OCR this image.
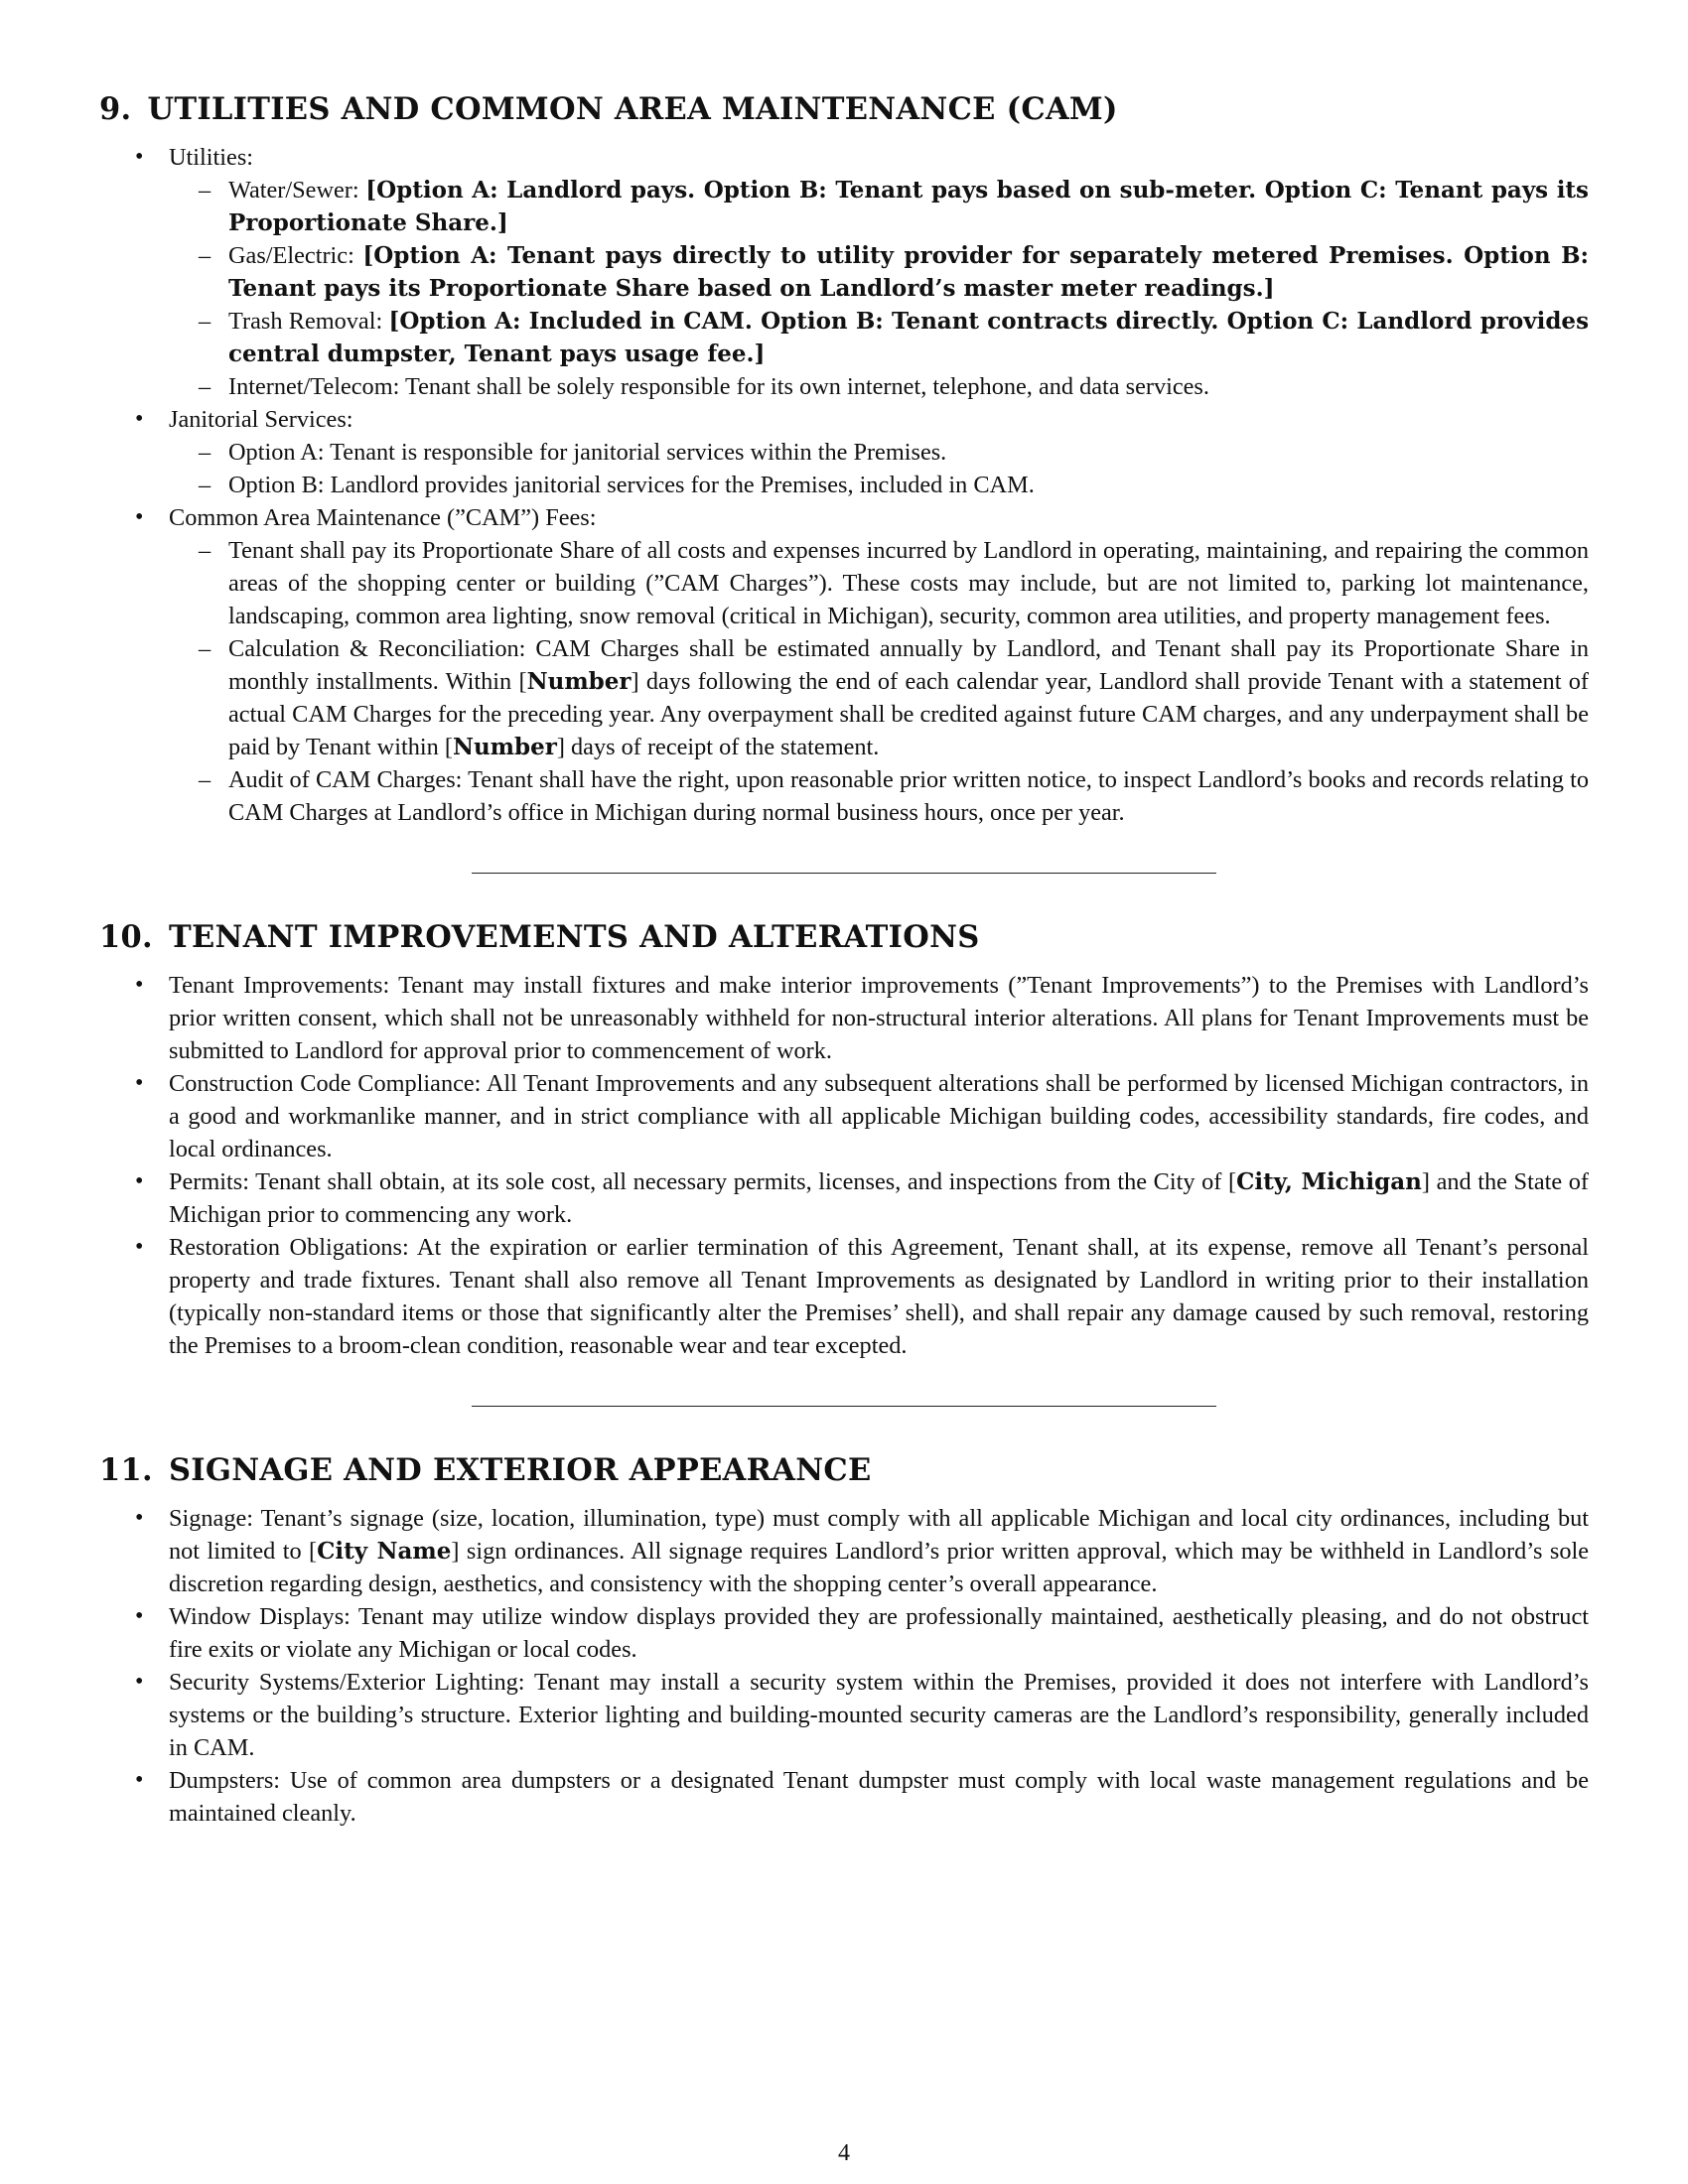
9. UTILITIES AND COMMON AREA MAINTENANCE (CAM)
• Utilities:
– Water/Sewer: [Option A: Landlord pays. Option B: Tenant pays based on sub-meter. Option C: Tenant pays its Proportionate Share.]
– Gas/Electric: [Option A: Tenant pays directly to utility provider for separately metered Premises. Option B: Tenant pays its Proportionate Share based on Landlord’s master meter readings.]
– Trash Removal: [Option A: Included in CAM. Option B: Tenant contracts directly. Option C: Landlord provides central dumpster, Tenant pays usage fee.]
– Internet/Telecom: Tenant shall be solely responsible for its own internet, telephone, and data services.
• Janitorial Services:
– Option A: Tenant is responsible for janitorial services within the Premises.
– Option B: Landlord provides janitorial services for the Premises, included in CAM.
• Common Area Maintenance (”CAM”) Fees:
– Tenant shall pay its Proportionate Share of all costs and expenses incurred by Landlord in operating, maintaining, and repairing the common areas of the shopping center or building (”CAM Charges”). These costs may include, but are not limited to, parking lot maintenance, landscaping, common area lighting, snow removal (critical in Michigan), security, common area utilities, and property management fees.
– Calculation & Reconciliation: CAM Charges shall be estimated annually by Landlord, and Tenant shall pay its Proportionate Share in monthly installments. Within [Number] days following the end of each calendar year, Landlord shall provide Tenant with a statement of actual CAM Charges for the preceding year. Any overpayment shall be credited against future CAM charges, and any underpayment shall be paid by Tenant within [Number] days of receipt of the statement.
– Audit of CAM Charges: Tenant shall have the right, upon reasonable prior written notice, to inspect Landlord’s books and records relating to CAM Charges at Landlord’s office in Michigan during normal business hours, once per year.
10. TENANT IMPROVEMENTS AND ALTERATIONS
• Tenant Improvements: Tenant may install fixtures and make interior improvements (”Tenant Improvements”) to the Premises with Landlord’s prior written consent, which shall not be unreasonably withheld for non-structural interior alterations. All plans for Tenant Improvements must be submitted to Landlord for approval prior to commencement of work.
• Construction Code Compliance: All Tenant Improvements and any subsequent alterations shall be performed by licensed Michigan contractors, in a good and workmanlike manner, and in strict compliance with all applicable Michigan building codes, accessibility standards, fire codes, and local ordinances.
• Permits: Tenant shall obtain, at its sole cost, all necessary permits, licenses, and inspections from the City of [City, Michigan] and the State of Michigan prior to commencing any work.
• Restoration Obligations: At the expiration or earlier termination of this Agreement, Tenant shall, at its expense, remove all Tenant’s personal property and trade fixtures. Tenant shall also remove all Tenant Improvements as designated by Landlord in writing prior to their installation (typically non-standard items or those that significantly alter the Premises’ shell), and shall repair any damage caused by such removal, restoring the Premises to a broom-clean condition, reasonable wear and tear excepted.
11. SIGNAGE AND EXTERIOR APPEARANCE
• Signage: Tenant’s signage (size, location, illumination, type) must comply with all applicable Michigan and local city ordinances, including but not limited to [City Name] sign ordinances. All signage requires Landlord’s prior written approval, which may be withheld in Landlord’s sole discretion regarding design, aesthetics, and consistency with the shopping center’s overall appearance.
• Window Displays: Tenant may utilize window displays provided they are professionally maintained, aesthetically pleasing, and do not obstruct fire exits or violate any Michigan or local codes.
• Security Systems/Exterior Lighting: Tenant may install a security system within the Premises, provided it does not interfere with Landlord’s systems or the building’s structure. Exterior lighting and building-mounted security cameras are the Landlord’s responsibility, generally included in CAM.
• Dumpsters: Use of common area dumpsters or a designated Tenant dumpster must comply with local waste management regulations and be maintained cleanly.
4
